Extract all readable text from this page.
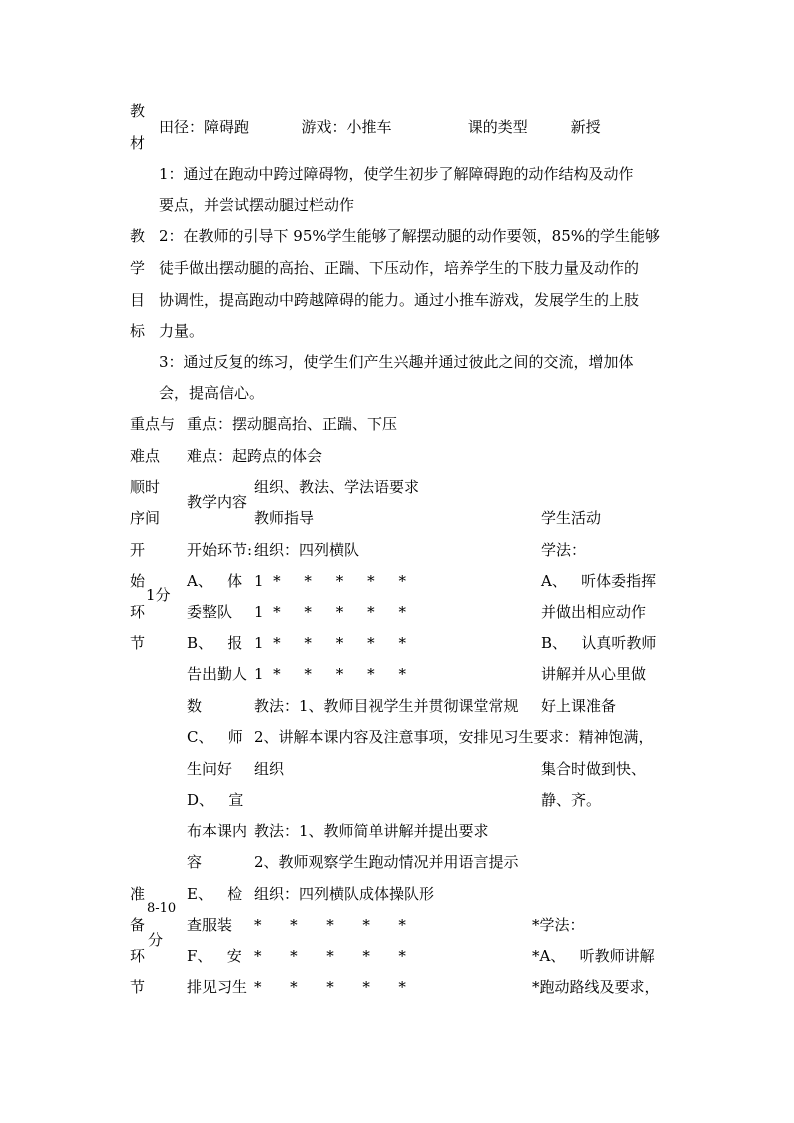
教
材
田径：障碍跑           游戏：小推车                课的类型         新授
教
学
目
标
1：通过在跑动中跨过障碍物，使学生初步了解障碍跑的动作结构及动作
要点，并尝试摆动腿过栏动作
2：在教师的引导下 95%学生能够了解摆动腿的动作要领，85%的学生能够
徒手做出摆动腿的高抬、正踹、下压动作，培养学生的下肢力量及动作的
协调性，提高跑动中跨越障碍的能力。通过小推车游戏，发展学生的上肢
力量。
3：通过反复的练习，使学生们产生兴趣并通过彼此之间的交流，增加体
会，提高信心。
重点与
难点
重点：摆动腿高抬、正踹、下压
难点：起跨点的体会
顺时
序间
教学内容
组织、教法、学法语要求
教师指导	学生活动
开
始
环
节
1分
开始环节:
A、   体
委整队
B、   报
告出勤人
数
C、   师
生问好
D、   宣
布本课内
容
组织：四列横队
1  *     *     *     *     *
1  *     *     *     *     *
1  *     *     *     *     *
1  *     *     *     *     *
教法：1、教师目视学生并贯彻课堂常规
2、讲解本课内容及注意事项，安排见习生要求：精神饱满，
组织
教法：1、教师简单讲解并提出要求
2、教师观察学生跑动情况并用语言提示
学法：
A、   听体委指挥
并做出相应动作
B、   认真听教师
讲解并从心里做
好上课准备
集合时做到快、
静、齐。
准
备
环
节
8-10
分
E、   检
查服装
F、   安
排见习生
组织：四列横队成体操队形
*      *      *      *      *
*      *      *      *      *
*      *      *      *      *
*学法：
*A、   听教师讲解
*跑动路线及要求，
